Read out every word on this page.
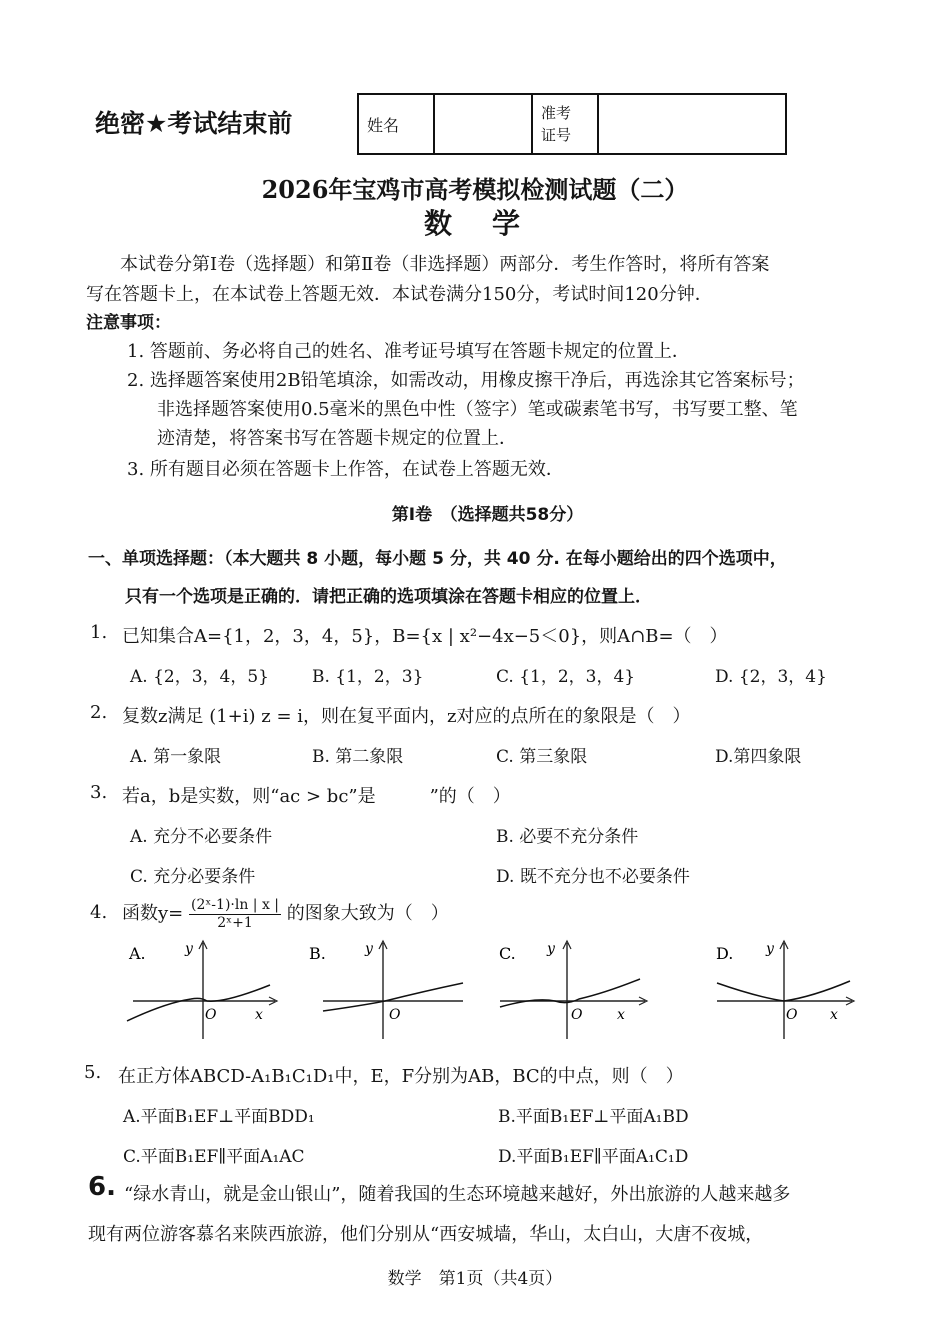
绝密★考试结束前	姓名		
准考
证号

2026年宝鸡市高考模拟检测试题（二）
数　学
本试卷分第Ⅰ卷（选择题）和第Ⅱ卷（非选择题）两部分．考生作答时，将所有答案
写在答题卡上，在本试卷上答题无效．本试卷满分150分，考试时间120分钟．
注意事项：
1. 答题前、务必将自己的姓名、准考证号填写在答题卡规定的位置上．
2. 选择题答案使用2B铅笔填涂，如需改动，用橡皮擦干净后，再选涂其它答案标号；
非选择题答案使用0.5毫米的黑色中性（签字）笔或碳素笔书写，书写要工整、笔
迹清楚，将答案书写在答题卡规定的位置上．
3. 所有题目必须在答题卡上作答，在试卷上答题无效．
第Ⅰ卷　（选择题共58分）
一、单项选择题：（本大题共 8 小题，每小题 5 分，共 40 分. 在每小题给出的四个选项中，
只有一个选项是正确的．请把正确的选项填涂在答题卡相应的位置上．
1. 已知集合A={1，2，3，4，5}，B={x | x²−4x−5＜0}，则A∩B=（　）
A. {2，3，4，5}	B. {1，2，3}	C. {1，2，3，4}	D. {2，3，4}
2. 复数z满足 (1+i) z = i，则在复平面内，z对应的点所在的象限是（　）
A. 第一象限	B. 第二象限	C. 第三象限	D.第四象限
3. 若a，b是实数，则“ac > bc”是　　　”的（　）
A. 充分不必要条件	B. 必要不充分条件
C. 充分必要条件	D. 既不充分也不必要条件
4. 函数$y= \frac{\text{(2ˣ-1)·ln | x |}}{\text{2ˣ+1}}$ 的图象大致为（　）
A.	y
x
O
B.	y
O
C. y
x
O
D. y
x
O
5. 在正方体ABCD-A₁B₁C₁D₁中，E，F分别为AB，BC的中点，则（　）
A.平面B₁EF⊥平面BDD₁	B.平面B₁EF⊥平面A₁BD
C.平面B₁EF∥平面A₁AC	D.平面B₁EF∥平面A₁C₁D
6. “绿水青山，就是金山银山”，随着我国的生态环境越来越好，外出旅游的人越来越多
现有两位游客慕名来陕西旅游，他们分别从“西安城墙，华山，太白山，大唐不夜城，
数学　第1页（共4页）
